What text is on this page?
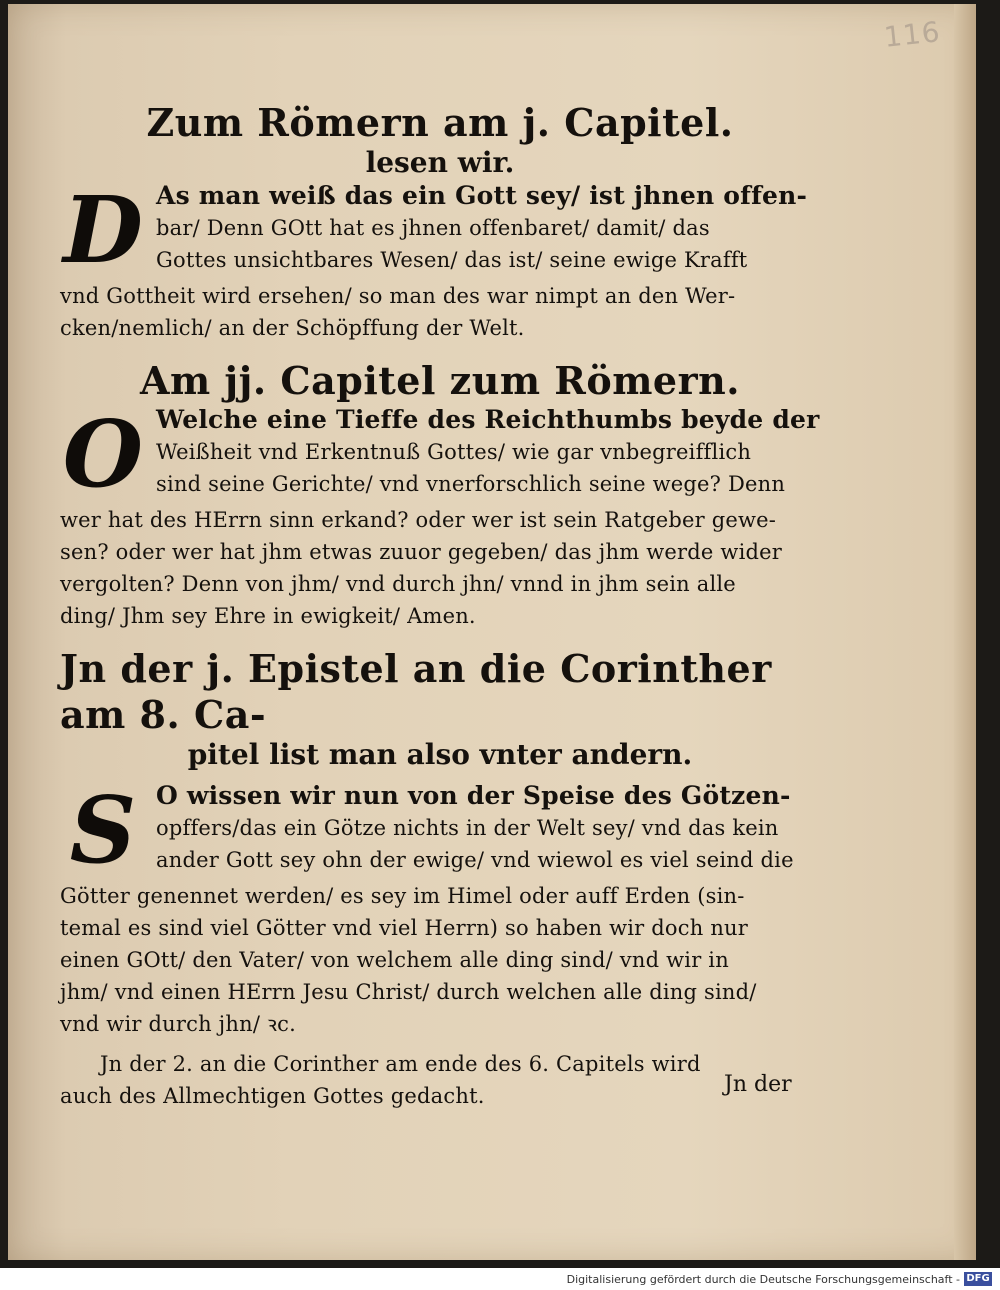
116
Zum Römern am j. Capitel.

lesen wir.

D As man weiß das ein Gott sey/ ist jhnen offen-
bar/ Denn GOtt hat es jhnen offenbaret/ damit/ das
Gottes unsichtbares Wesen/ das ist/ seine ewige Krafft
vnd Gottheit wird ersehen/ so man des war nimpt an den Wer-
cken/nemlich/ an der Schöpffung der Welt.
Am jj. Capitel zum Römern.
O Welche eine Tieffe des Reichthumbs beyde der
Weißheit vnd Erkentnuß Gottes/ wie gar vnbegreifflich
sind seine Gerichte/ vnd vnerforschlich seine wege? Denn
wer hat des HErrn sinn erkand? oder wer ist sein Ratgeber gewe-
sen? oder wer hat jhm etwas zuuor gegeben/ das jhm werde wider
vergolten? Denn von jhm/ vnd durch jhn/ vnnd in jhm sein alle
ding/ Jhm sey Ehre in ewigkeit/ Amen.
Jn der j. Epistel an die Corinther am 8. Ca-

pitel list man also vnter andern.

S O wissen wir nun von der Speise des Götzen-
opffers/das ein Götze nichts in der Welt sey/ vnd das kein
ander Gott sey ohn der ewige/ vnd wiewol es viel seind die
Götter genennet werden/ es sey im Himel oder auff Erden (sin-
temal es sind viel Götter vnd viel Herrn) so haben wir doch nur
einen GOtt/ den Vater/ von welchem alle ding sind/ vnd wir in
jhm/ vnd einen HErrn Jesu Christ/ durch welchen alle ding sind/
vnd wir durch jhn/ ꝛc.
Jn der 2. an die Corinther am ende des 6. Capitels wird
auch des Allmechtigen Gottes gedacht.	Jn der
Digitalisierung gefördert durch die Deutsche Forschungsgemeinschaft - DFG
